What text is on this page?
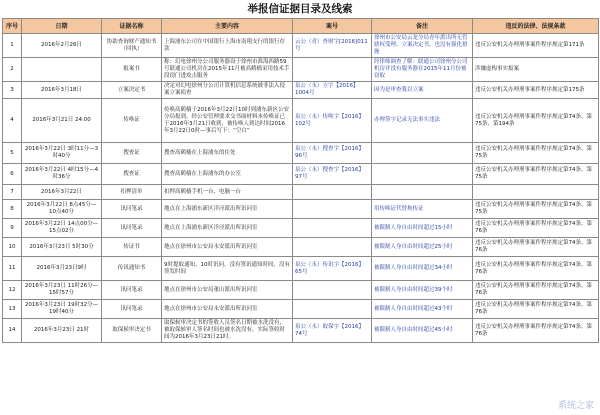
举报信证据目录及线索
序号	日期	证据名称	主要内容	案号	备注	违反的法律、法规条款
1	2016年2月26日	协助查询财产通知书（回执）	上海浦东公司在中国银行上海市南翔支行的银行存款	云公（青）查财字[2016]011号	徐州市公安局云龙分局青年派出所无管辖权受理、立案决定书，也没有强化措施	违反公安机关办理刑事案件程序规定第171条
2		报案书	称：幻电徐州分公司服务器设于徐州市淮海西路59号联通公司机房在2015年11月被高鹤樯采用技术手段窃门进攻击服务		经律师调查了解：联通公司徐州分公司机房并没有服务器在2015年11月份被窃取	涉嫌虚构事实报案
3	2016年3月18日	立案决定书	决定对幻电徐州分公司计算机信息系统被非法入侵案立案侦查	泉公（永）立字【2016】1004号	因为是审查我以立案	违反公安机关办理刑事案件程序规定第175条
4	2016年3月21日 24:00	传唤证	传唤高鹤樯于2016年3月22日10时到浦东新区公安分局报到，经公安管理要求交书面材料本传唤证已于2016年3月21日收到，被传唤人到达时间2016年3月22日0时—事后写下：“空白”	泉公（永）传唤字【2016】102号	办理签字记录无法事实违法	违反公安机关办理刑事案件程序规定第74条、第75条、第194条
5	2016年3月22日 3时11分—3时40分	搜查证	搜查高鹤樯在上海浦东的住处	泉公（永）搜查字【2016】96号		违反公安机关办理刑事案件程序规定第74条、第75条
6	2016年3月22日 4时15分—4时36分	搜查证	搜查高鹤樯在上海浦东的办公室	泉公（永）搜查字【2016】97号		违反公安机关办理刑事案件程序规定第74条、第75条
7	2016年3月22日	扣押清单	扣押高鹤樯手机一台、电脑一台			
8	2016年3月22日 8点45分—10点40分	讯问笔录	地点在上海浦东新区洋泾派出所讯问室		用传唤证代替拘传证	违反公安机关办理刑事案件程序规定第74条、第75条
9	2016年3月22日 14点00分—15点02分	讯问笔录	地点在上海浦东新区洋泾派出所讯问室		被限制人身自由时间超过15小时	违反公安机关办理刑事案件程序规定第74条、第76条
10	2016年3月23日 5时30分	传证书	地点在徐州市公安局永安派出所讯问室		被限制人身自由时间超过25小时	违反公安机关办理刑事案件程序规定第74条、第76条
11	2016年3月23日9时	传讯通知书	9时提取通知、10时讯问、没有签讯通知时间、没有签发时间	泉公（永）传讯字【2016】65号	被限制人身自由时间超过34小时	违反公安机关办理刑事案件程序规定第74条、第76条
12	2016年3月23日 11时26分—15时57分	讯问笔录	地点在徐州市公安局董山派出所讯问室		被限制人身自由时间超过39个时	违反公安机关办理刑事案件程序规定第74条、第76条
13	2016年3月23日 19时32分—19时40分	讯问笔录	地点在徐州市公安局永安派出所讯问室		被限制人身自由时间超过43个时	违反公安机关办理刑事案件程序规定第74条、第76条
14	2016年3月23日 21时	取保候审决定书	取保候审决定书的签收人员签名日期被水洗没有，被取保候审人签名时间也被水洗没有，实际签收时间为2016年3月23日21时。	泉公（永）取保字【2016】74号	被限制人身自由时间超过45小时	违反公安机关办理刑事案件程序规定第74条、第76条
系统之家
